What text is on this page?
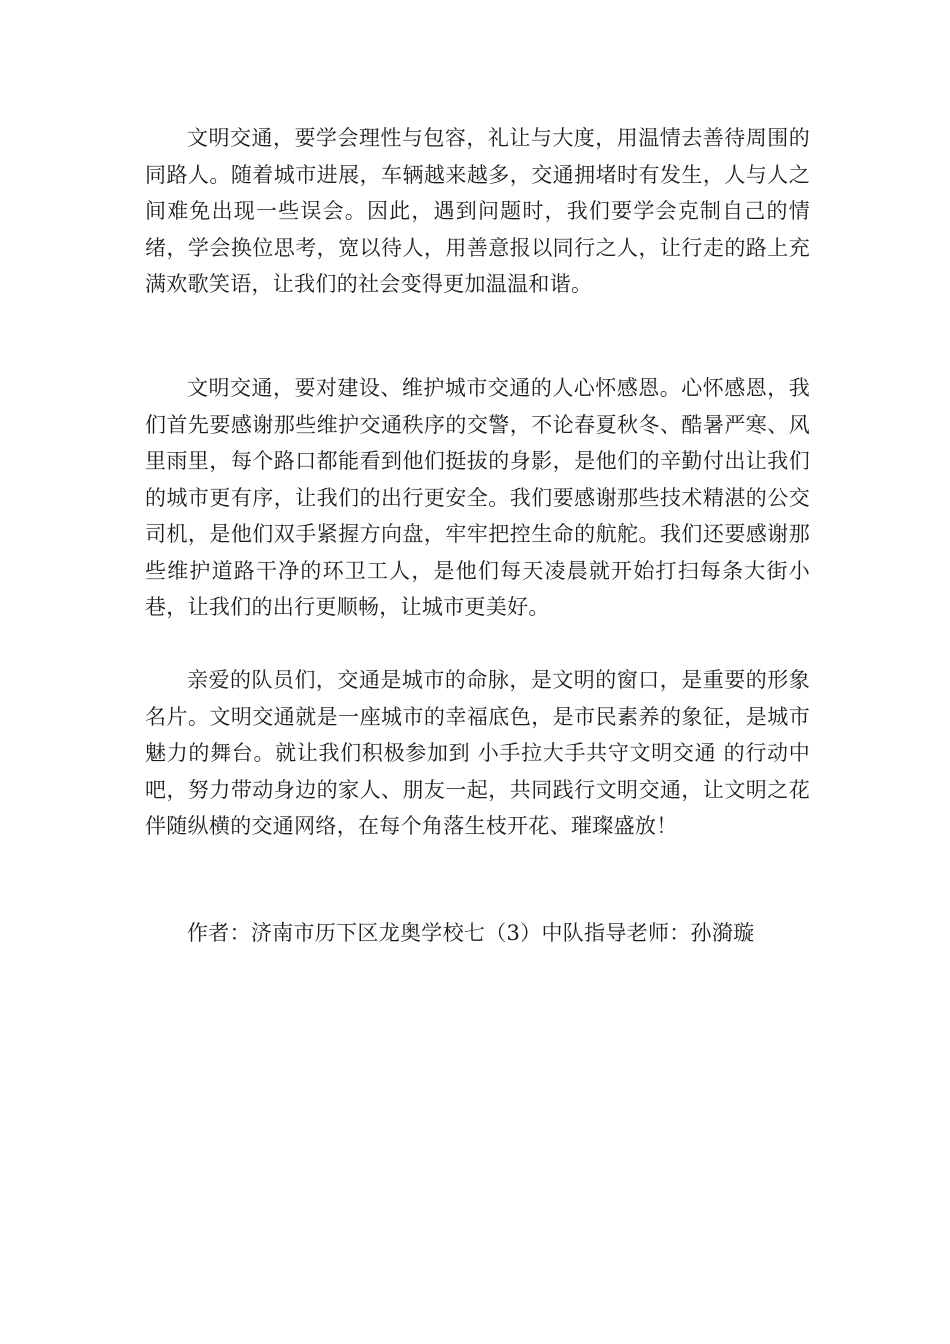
文明交通，要学会理性与包容，礼让与大度，用温情去善待周围的同路人。随着城市进展，车辆越来越多，交通拥堵时有发生，人与人之间难免出现一些误会。因此，遇到问题时，我们要学会克制自己的情绪，学会换位思考，宽以待人，用善意报以同行之人，让行走的路上充满欢歌笑语，让我们的社会变得更加温温和谐。

文明交通，要对建设、维护城市交通的人心怀感恩。心怀感恩，我们首先要感谢那些维护交通秩序的交警，不论春夏秋冬、酷暑严寒、风里雨里，每个路口都能看到他们挺拔的身影，是他们的辛勤付出让我们的城市更有序，让我们的出行更安全。我们要感谢那些技术精湛的公交司机，是他们双手紧握方向盘，牢牢把控生命的航舵。我们还要感谢那些维护道路干净的环卫工人，是他们每天凌晨就开始打扫每条大街小巷，让我们的出行更顺畅，让城市更美好。

亲爱的队员们，交通是城市的命脉，是文明的窗口，是重要的形象名片。文明交通就是一座城市的幸福底色，是市民素养的象征，是城市魅力的舞台。就让我们积极参加到 小手拉大手共守文明交通 的行动中吧，努力带动身边的家人、朋友一起，共同践行文明交通，让文明之花伴随纵横的交通网络，在每个角落生枝开花、璀璨盛放！

作者：济南市历下区龙奥学校七（3）中队指导老师：孙漪璇
